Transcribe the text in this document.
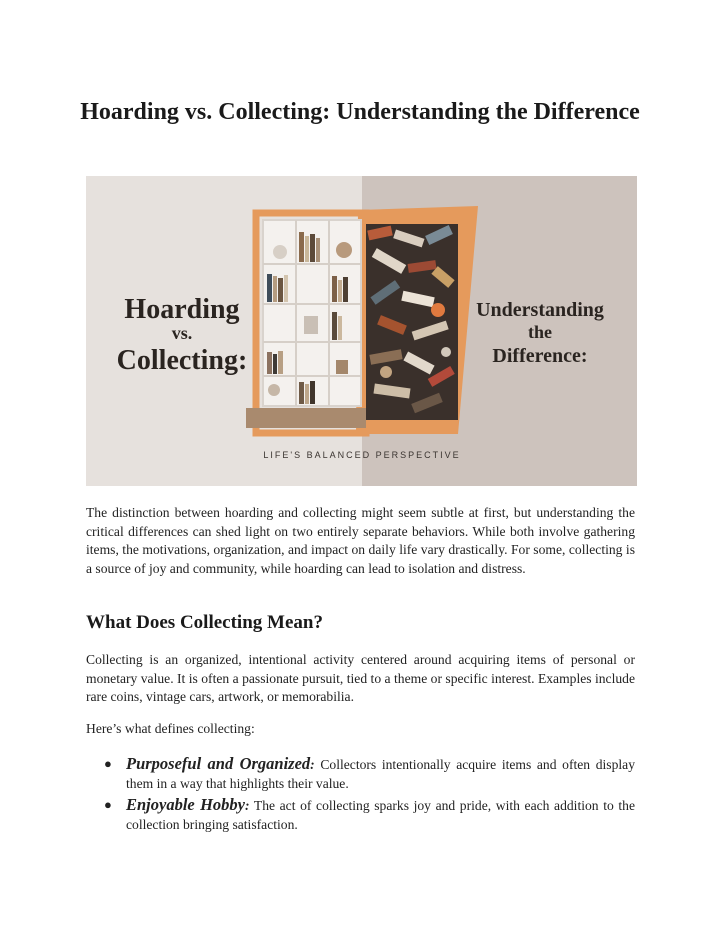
Hoarding vs. Collecting: Understanding the Difference
Hoarding
vs.
Collecting:
Understanding
the
Difference:
LIFE'S BALANCED PERSPECTIVE

The distinction between hoarding and collecting might seem subtle at first, but understanding the critical differences can shed light on two entirely separate behaviors. While both involve gathering items, the motivations, organization, and impact on daily life vary drastically. For some, collecting is a source of joy and community, while hoarding can lead to isolation and distress.

What Does Collecting Mean?

Collecting is an organized, intentional activity centered around acquiring items of personal or monetary value. It is often a passionate pursuit, tied to a theme or specific interest. Examples include rare coins, vintage cars, artwork, or memorabilia.

Here’s what defines collecting:

● Purposeful and Organized: Collectors intentionally acquire items and often display them in a way that highlights their value.
● Enjoyable Hobby: The act of collecting sparks joy and pride, with each addition to the collection bringing satisfaction.
